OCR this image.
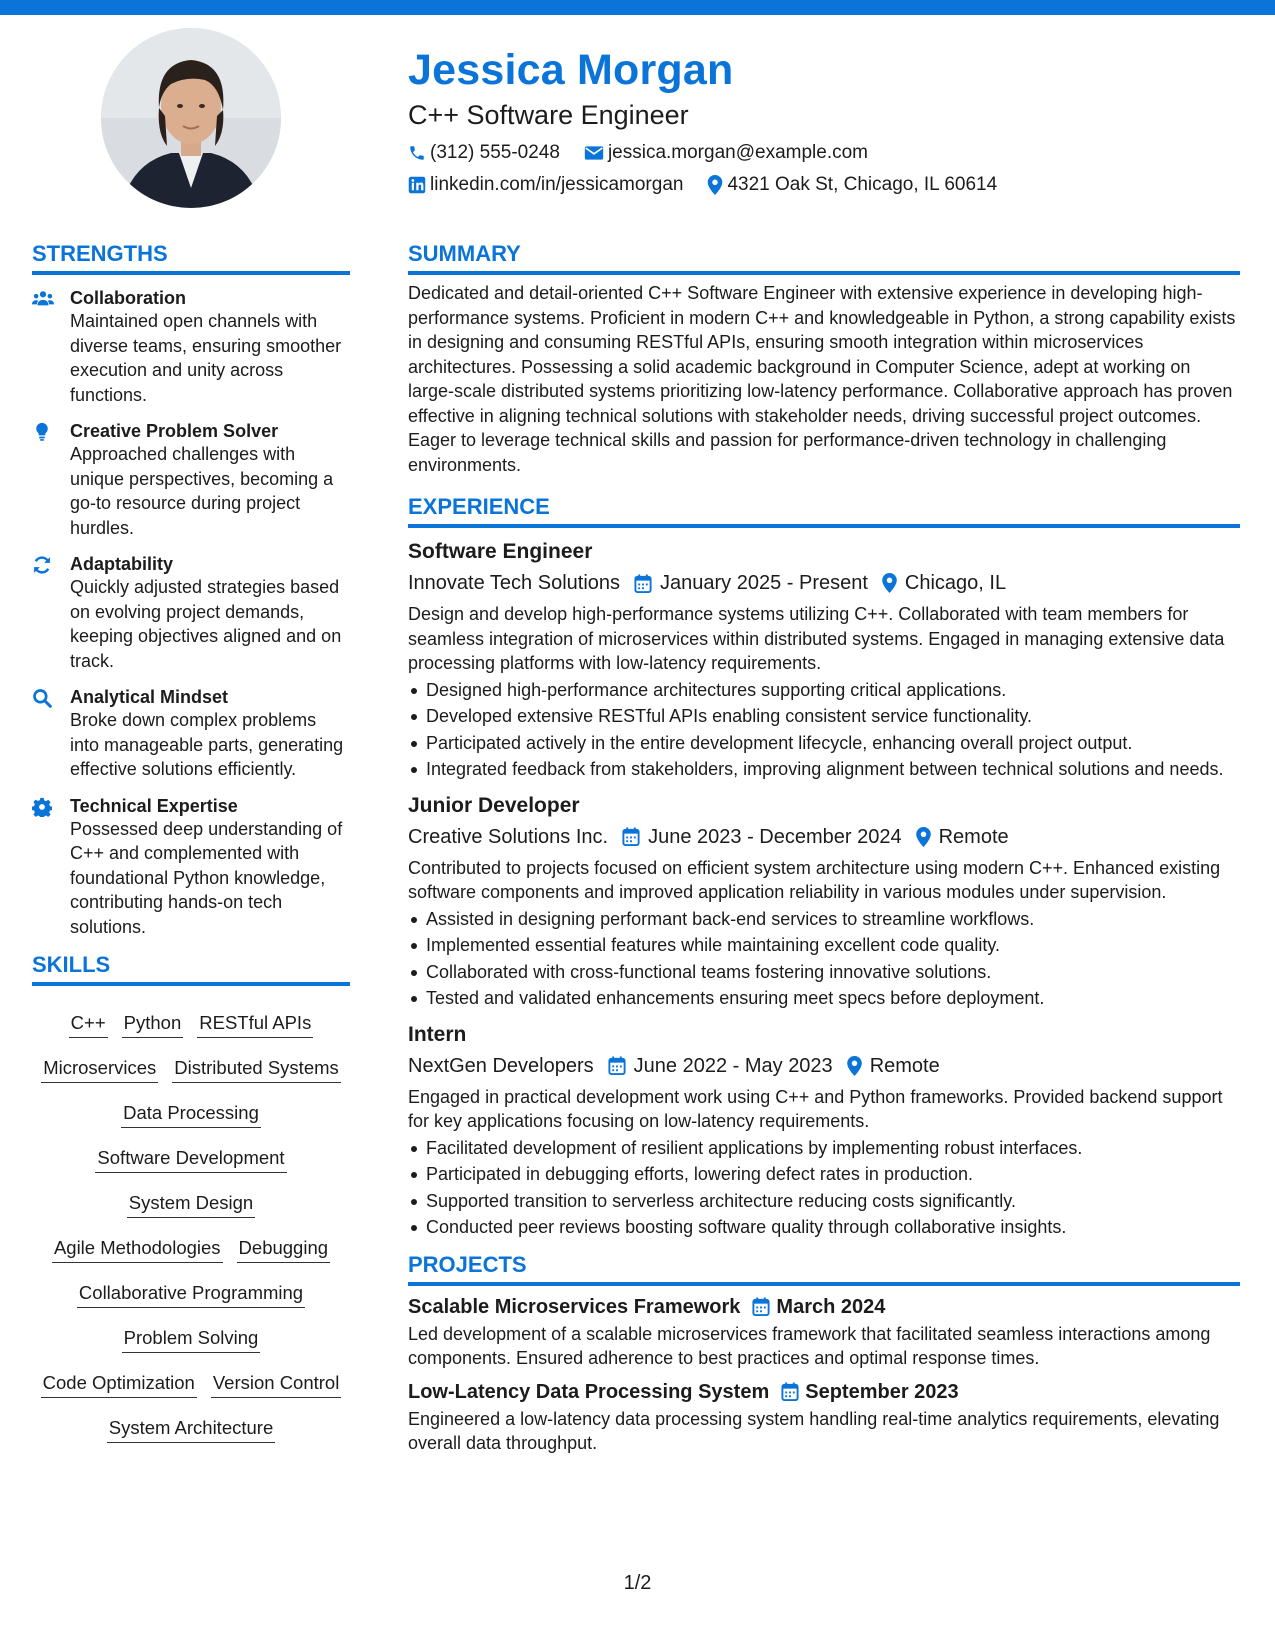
Jessica Morgan
C++ Software Engineer
(312) 555-0248	jessica.morgan@example.com
linkedin.com/in/jessicamorgan 4321 Oak St, Chicago, IL 60614
STRENGTHS
Collaboration
Maintained open channels with diverse teams, ensuring smoother execution and unity across functions.
Creative Problem Solver
Approached challenges with unique perspectives, becoming a go-to resource during project hurdles.
Adaptability
Quickly adjusted strategies based on evolving project demands, keeping objectives aligned and on track.
Analytical Mindset
Broke down complex problems into manageable parts, generating effective solutions efficiently.
Technical Expertise
Possessed deep understanding of C++ and complemented with foundational Python knowledge, contributing hands-on tech solutions.
SKILLS
C++ Python RESTful APIs
Microservices Distributed Systems
Data Processing
Software Development
System Design
Agile Methodologies Debugging
Collaborative Programming
Problem Solving
Code Optimization Version Control
System Architecture
SUMMARY
Dedicated and detail-oriented C++ Software Engineer with extensive experience in developing high-performance systems. Proficient in modern C++ and knowledgeable in Python, a strong capability exists in designing and consuming RESTful APIs, ensuring smooth integration within microservices architectures. Possessing a solid academic background in Computer Science, adept at working on large-scale distributed systems prioritizing low-latency performance. Collaborative approach has proven effective in aligning technical solutions with stakeholder needs, driving successful project outcomes. Eager to leverage technical skills and passion for performance-driven technology in challenging environments.
EXPERIENCE
Software Engineer
Innovate Tech Solutions January 2025 - Present Chicago, IL
Design and develop high-performance systems utilizing C++. Collaborated with team members for seamless integration of microservices within distributed systems. Engaged in managing extensive data processing platforms with low-latency requirements.
Designed high-performance architectures supporting critical applications.
Developed extensive RESTful APIs enabling consistent service functionality.
Participated actively in the entire development lifecycle, enhancing overall project output.
Integrated feedback from stakeholders, improving alignment between technical solutions and needs.
Junior Developer
Creative Solutions Inc. June 2023 - December 2024 Remote
Contributed to projects focused on efficient system architecture using modern C++. Enhanced existing software components and improved application reliability in various modules under supervision.
Assisted in designing performant back-end services to streamline workflows.
Implemented essential features while maintaining excellent code quality.
Collaborated with cross-functional teams fostering innovative solutions.
Tested and validated enhancements ensuring meet specs before deployment.
Intern
NextGen Developers June 2022 - May 2023 Remote
Engaged in practical development work using C++ and Python frameworks. Provided backend support for key applications focusing on low-latency requirements.
Facilitated development of resilient applications by implementing robust interfaces.
Participated in debugging efforts, lowering defect rates in production.
Supported transition to serverless architecture reducing costs significantly.
Conducted peer reviews boosting software quality through collaborative insights.
PROJECTS
Scalable Microservices Framework March 2024
Led development of a scalable microservices framework that facilitated seamless interactions among components. Ensured adherence to best practices and optimal response times.
Low-Latency Data Processing System September 2023
Engineered a low-latency data processing system handling real-time analytics requirements, elevating overall data throughput.
1/2
